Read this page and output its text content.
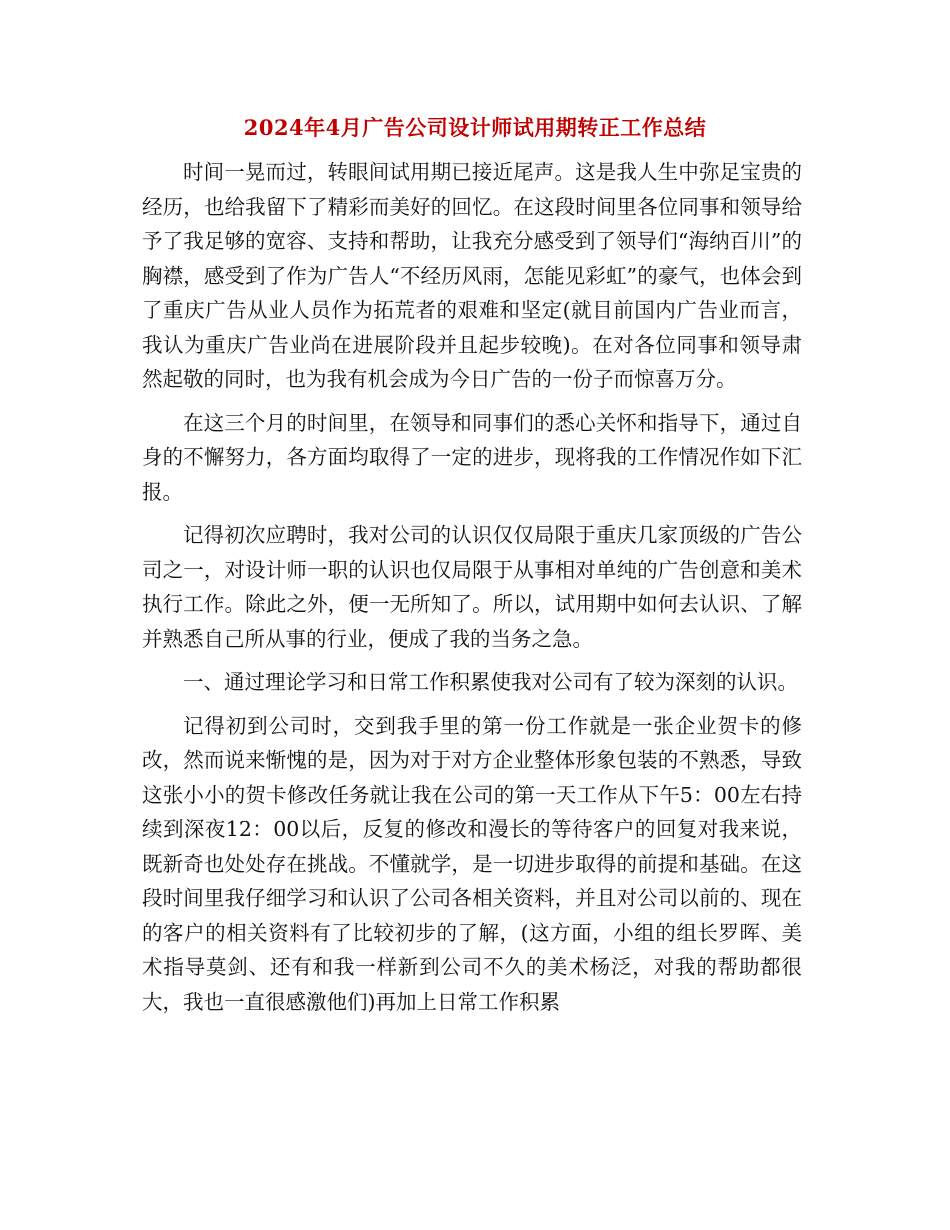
2024年4月广告公司设计师试用期转正工作总结

时间一晃而过，转眼间试用期已接近尾声。这是我人生中弥足宝贵的经历，也给我留下了精彩而美好的回忆。在这段时间里各位同事和领导给予了我足够的宽容、支持和帮助，让我充分感受到了领导们“海纳百川”的胸襟，感受到了作为广告人“不经历风雨，怎能见彩虹”的豪气，也体会到了重庆广告从业人员作为拓荒者的艰难和坚定(就目前国内广告业而言，我认为重庆广告业尚在进展阶段并且起步较晚)。在对各位同事和领导肃然起敬的同时，也为我有机会成为今日广告的一份子而惊喜万分。

在这三个月的时间里，在领导和同事们的悉心关怀和指导下，通过自身的不懈努力，各方面均取得了一定的进步，现将我的工作情况作如下汇报。

记得初次应聘时，我对公司的认识仅仅局限于重庆几家顶级的广告公司之一，对设计师一职的认识也仅局限于从事相对单纯的广告创意和美术执行工作。除此之外，便一无所知了。所以，试用期中如何去认识、了解并熟悉自己所从事的行业，便成了我的当务之急。

一、通过理论学习和日常工作积累使我对公司有了较为深刻的认识。

记得初到公司时，交到我手里的第一份工作就是一张企业贺卡的修改，然而说来惭愧的是，因为对于对方企业整体形象包装的不熟悉，导致这张小小的贺卡修改任务就让我在公司的第一天工作从下午5：00左右持续到深夜12：00以后，反复的修改和漫长的等待客户的回复对我来说，既新奇也处处存在挑战。不懂就学，是一切进步取得的前提和基础。在这段时间里我仔细学习和认识了公司各相关资料，并且对公司以前的、现在的客户的相关资料有了比较初步的了解，(这方面，小组的组长罗晖、美术指导莫剑、还有和我一样新到公司不久的美术杨泛，对我的帮助都很大，我也一直很感激他们)再加上日常工作积累
